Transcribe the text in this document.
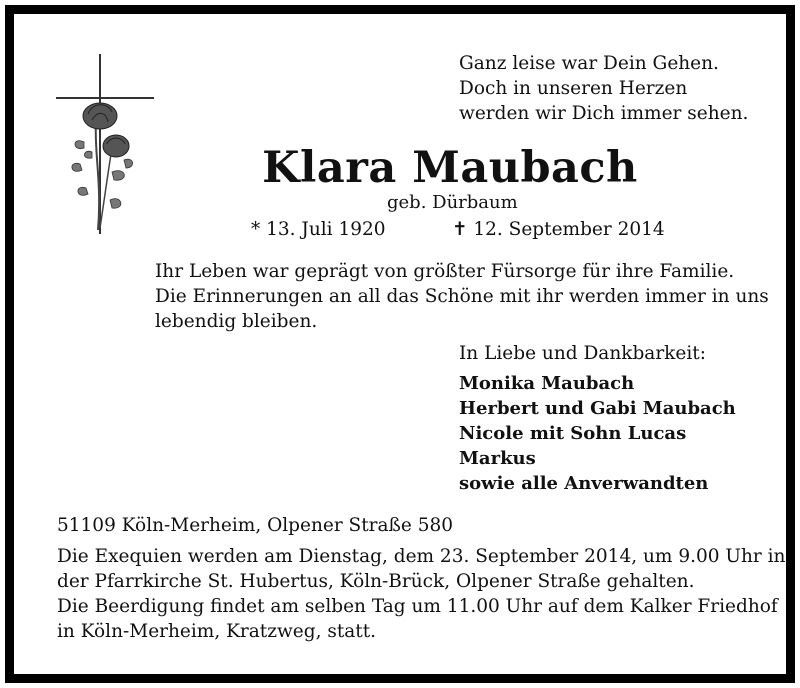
Ganz leise war Dein Gehen.
Doch in unseren Herzen
werden wir Dich immer sehen.
Klara Maubach
geb. Dürbaum
* 13. Juli 1920	✝ 12. September 2014
Ihr Leben war geprägt von größter Fürsorge für ihre Familie.
Die Erinnerungen an all das Schöne mit ihr werden immer in uns
lebendig bleiben.
In Liebe und Dankbarkeit:
Monika Maubach
Herbert und Gabi Maubach
Nicole mit Sohn Lucas
Markus
sowie alle Anverwandten
51109 Köln-Merheim, Olpener Straße 580
Die Exequien werden am Dienstag, dem 23. September 2014, um 9.00 Uhr in
der Pfarrkirche St. Hubertus, Köln-Brück, Olpener Straße gehalten.
Die Beerdigung findet am selben Tag um 11.00 Uhr auf dem Kalker Friedhof
in Köln-Merheim, Kratzweg, statt.
